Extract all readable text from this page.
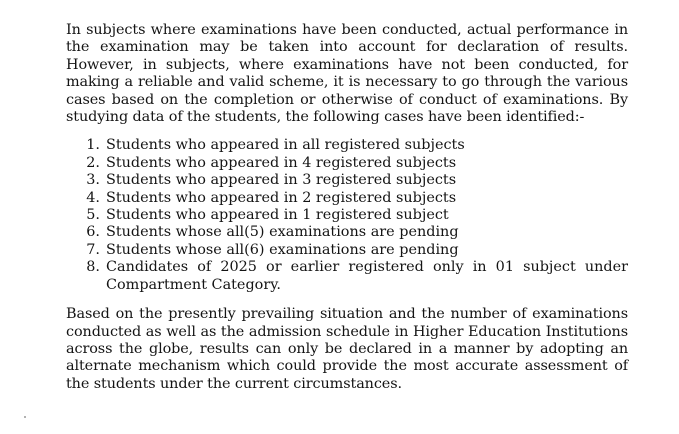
In subjects where examinations have been conducted, actual performance in the examination may be taken into account for declaration of results. However, in subjects, where examinations have not been conducted, for making a reliable and valid scheme, it is necessary to go through the various cases based on the completion or otherwise of conduct of examinations. By studying data of the students, the following cases have been identified:-

1. Students who appeared in all registered subjects
2. Students who appeared in 4 registered subjects
3. Students who appeared in 3 registered subjects
4. Students who appeared in 2 registered subjects
5. Students who appeared in 1 registered subject
6. Students whose all(5) examinations are pending
7. Students whose all(6) examinations are pending
8. Candidates of 2025 or earlier registered only in 01 subject under Compartment Category.

Based on the presently prevailing situation and the number of examinations conducted as well as the admission schedule in Higher Education Institutions across the globe, results can only be declared in a manner by adopting an alternate mechanism which could provide the most accurate assessment of the students under the current circumstances.
